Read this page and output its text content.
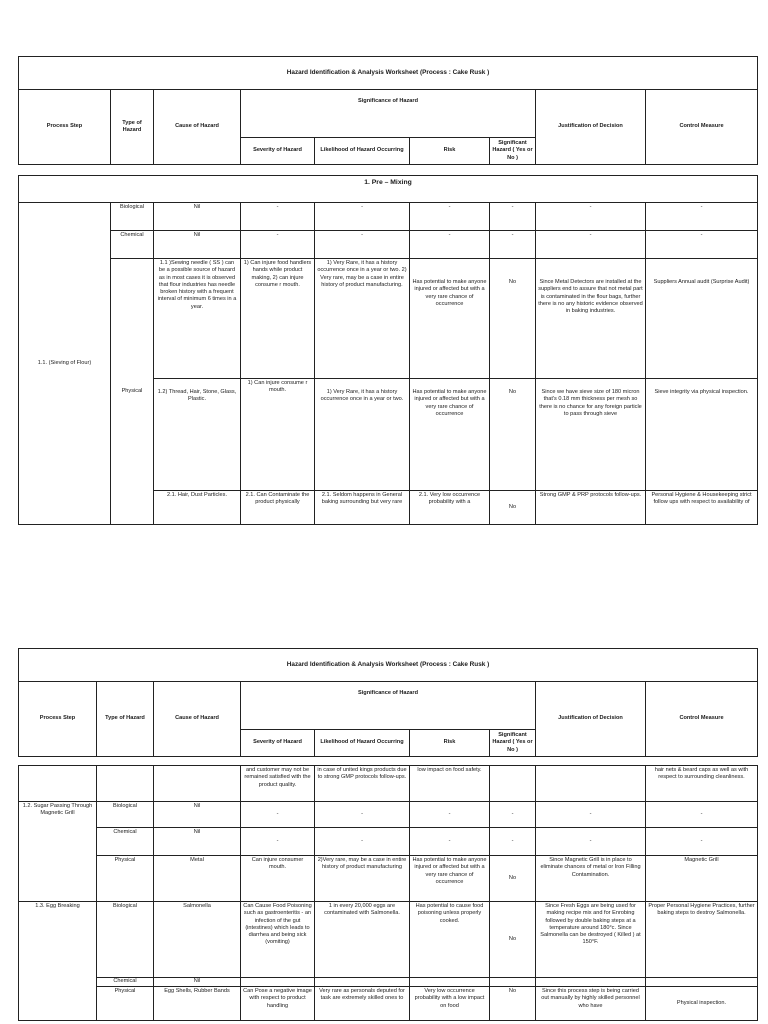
Hazard Identification & Analysis Worksheet (Process : Cake Rusk )								
Process Step	Type of Hazard	Cause of Hazard	Significance of Hazard				Justification of Decision	Control Measure
			Severity of Hazard	Likelihood of Hazard Occurring	Risk	Significant Hazard ( Yes or No )		
1. Pre – Mixing								
1.1. (Sieving of Flour)	Biological	Nil	-	-	-	-	-	-
	Chemical	Nil	-	-	-	-	-	-
	Physical	1.1 )Sewing needle ( SS ) can be a possible source of hazard as in most cases it is observed that flour industries has needle broken history with a frequent interval of minimum 6 times in a year.	1) Can injure food handlers hands while product making, 2) can injure consume r mouth.	1) Very Rare, it has a history occurrence once in a year or two. 2) Very rare, may be a case in entire history of product manufacturing.	Has potential to make anyone injured or affected but with a very rare chance of occurrence	No	Since Metal Detectors are installed at the suppliers end to assure that not metal part is contaminated in the flour bags, further there is no any historic evidence observed in baking industries.	Suppliers Annual audit (Surprise Audit)
		1.2) Thread, Hair, Stone, Glass, Plastic.	1) Can injure consume r mouth.	1) Very Rare, it has a history occurrence once in a year or two.	Has potential to make anyone injured or affected but with a very rare chance of occurrence	No	Since we have sieve size of 180 micron that's 0.18 mm thickness per mesh so there is no chance for any foreign particle to pass through sieve	Sieve integrity via physical inspection.
		2.1. Hair, Dust Particles.	2.1. Can Contaminate the product physically	2.1. Seldom happens in General baking surrounding but very rare	2.1. Very low occurrence probability with a	No	Strong GMP & PRP protocols follow-ups.	Personal Hygiene & Housekeeping strict follow ups with respect to availability of
Hazard Identification & Analysis Worksheet (Process : Cake Rusk )								
Process Step	Type of Hazard	Cause of Hazard	Significance of Hazard				Justification of Decision	Control Measure
			Severity of Hazard	Likelihood of Hazard Occurring	Risk	Significant Hazard ( Yes or No )		
			and customer may not be remained satisfied with the product quality.	in case of united kings products due to strong GMP protocols follow-ups.	low impact on food safety.			hair nets & beard caps as well as with respect to surrounding cleanliness.
1.2. Sugar Passing Through Magnetic Grill	Biological	Nil	-	-	-	-	-	-
	Chemical	Nil	-	-	-	-	-	-
	Physical	Metal	Can injure consumer mouth.	2)Very rare, may be a case in entire history of product manufacturing	Has potential to make anyone injured or affected but with a very rare chance of occurrence	No	Since Magnetic Grill is in place to eliminate chances of metal or Iron Filling Contamination.	Magnetic Grill
1.3. Egg Breaking	Biological	Salmonella	Can Cause Food Poisoning such as gastroenteritis - an infection of the gut (intestines) which leads to diarrhea and being sick (vomiting)	1 in every 20,000 eggs are contaminated with Salmonella.	Has potential to cause food poisoning unless properly cooked.	No	Since Fresh Eggs are being used for making recipe mix and for Enrobing followed by double baking steps at a temperature around 180°c. Since Salmonella can be destroyed ( Killed ) at 150°F.	Proper Personal Hygiene Practices, further baking steps to destroy Salmonella.
	Chemical	Nil						
	Physical	Egg Shells, Rubber Bands	Can Pose a negative image with respect to product handling	Very rare as personals deputed for task are extremely skilled ones to	Very low occurrence probability with a low impact on food	No	Since this process step is being carried out manually by highly skilled personnel who have	Physical inspection.
